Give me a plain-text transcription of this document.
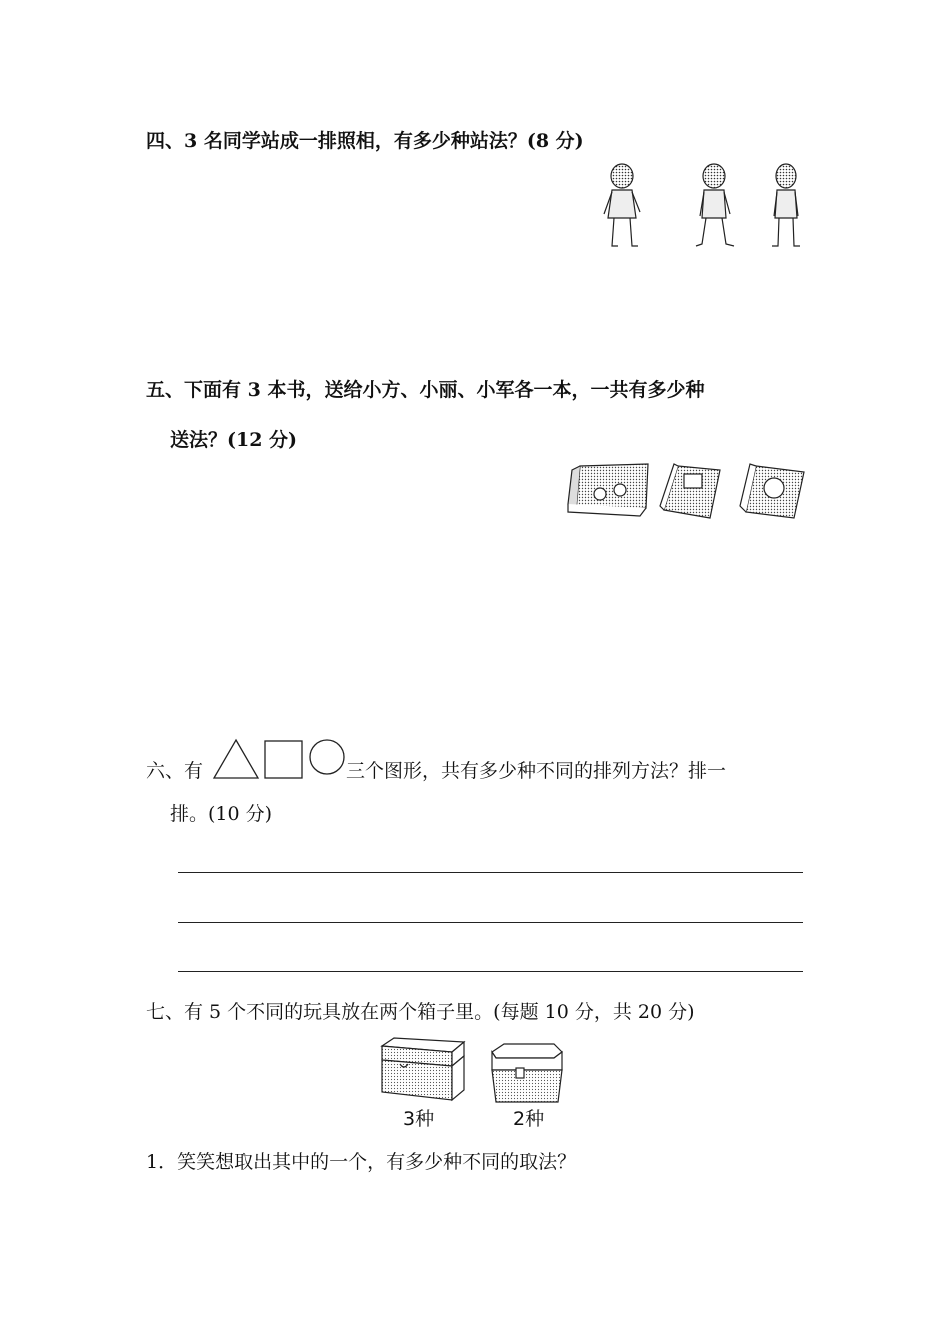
四、3 名同学站成一排照相，有多少种站法？(8 分)
五、下面有 3 本书，送给小方、小丽、小军各一本，一共有多少种
送法？(12 分)
六、有	三个图形，共有多少种不同的排列方法？排一
排。(10 分)
七、有 5 个不同的玩具放在两个箱子里。(每题 10 分，共 20 分)
3种	2种
1．笑笑想取出其中的一个，有多少种不同的取法？
